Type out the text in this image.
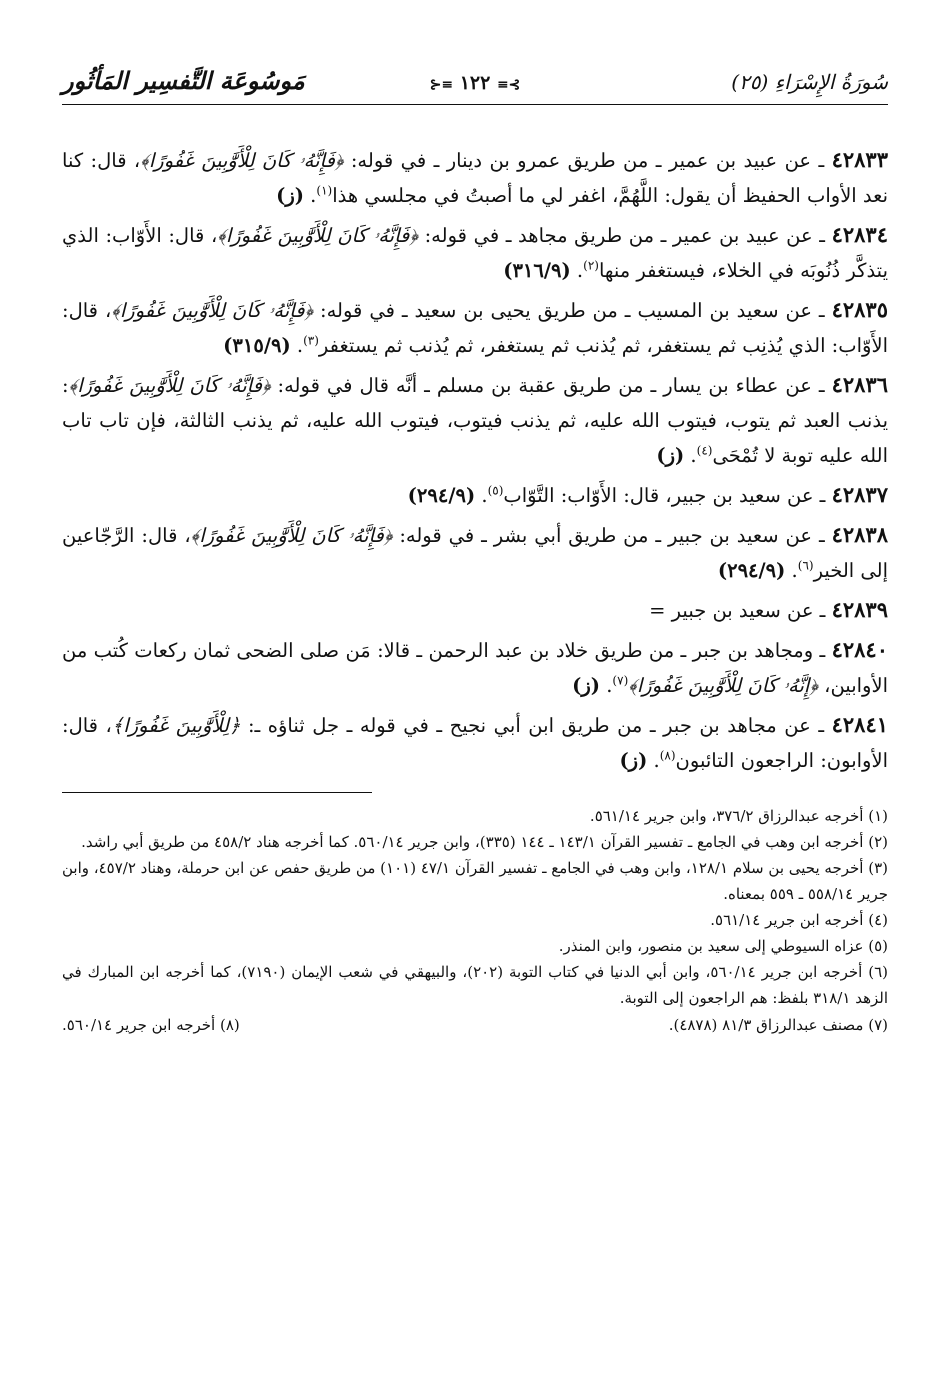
سُورَةُ الإِسْرَاءِ (٢٥)
⊱≡ ١٢٢ ≡⊰
مَوسُوعَة التَّفسِير المَأثُور

٤٢٨٣٣ ـ عن عبيد بن عمير ـ من طريق عمرو بن دينار ـ في قوله: ﴿فَإِنَّهُۥ كَانَ لِلْأَوَّٰبِينَ غَفُورًا﴾، قال: كنا نعد الأواب الحفيظ أن يقول: اللَّهُمَّ، اغفر لي ما أصبتُ في مجلسي هذا$^{(١)}$. (ز)

٤٢٨٣٤ ـ عن عبيد بن عمير ـ من طريق مجاهد ـ في قوله: ﴿فَإِنَّهُۥ كَانَ لِلْأَوَّٰبِينَ غَفُورًا﴾، قال: الأَوّاب: الذي يتذكَّر ذُنُوبَه في الخلاء، فيستغفر منها$^{(٢)}$. (٣١٦/٩)

٤٢٨٣٥ ـ عن سعيد بن المسيب ـ من طريق يحيى بن سعيد ـ في قوله: ﴿فَإِنَّهُۥ كَانَ لِلْأَوَّٰبِينَ غَفُورًا﴾، قال: الأَوّاب: الذي يُذنِب ثم يستغفر، ثم يُذنب ثم يستغفر، ثم يُذنب ثم يستغفر$^{(٣)}$. (٣١٥/٩)

٤٢٨٣٦ ـ عن عطاء بن يسار ـ من طريق عقبة بن مسلم ـ أنَّه قال في قوله: ﴿فَإِنَّهُۥ كَانَ لِلْأَوَّٰبِينَ غَفُورًا﴾: يذنب العبد ثم يتوب، فيتوب الله عليه، ثم يذنب فيتوب، فيتوب الله عليه، ثم يذنب الثالثة، فإن تاب تاب الله عليه توبة لا تُمْحَى$^{(٤)}$. (ز)

٤٢٨٣٧ ـ عن سعيد بن جبير، قال: الأَوّاب: التَّوّاب$^{(٥)}$. (٢٩٤/٩)

٤٢٨٣٨ ـ عن سعيد بن جبير ـ من طريق أبي بشر ـ في قوله: ﴿فَإِنَّهُۥ كَانَ لِلْأَوَّٰبِينَ غَفُورًا﴾، قال: الرَّجّاعين إلى الخير$^{(٦)}$. (٢٩٤/٩)

٤٢٨٣٩ ـ عن سعيد بن جبير =

٤٢٨٤٠ ـ ومجاهد بن جبر ـ من طريق خلاد بن عبد الرحمن ـ قالا: مَن صلى الضحى ثمان ركعات كُتب من الأوابين، ﴿إِنَّهُۥ كَانَ لِلْأَوَّٰبِينَ غَفُورًا﴾$^{(٧)}$. (ز)

٤٢٨٤١ ـ عن مجاهد بن جبر ـ من طريق ابن أبي نجيح ـ في قوله ـ جل ثناؤه ـ: ﴿لِلْأَوَّٰبِينَ غَفُورًا﴾، قال: الأوابون: الراجعون التائبون$^{(٨)}$. (ز)

(١) أخرجه عبدالرزاق ٣٧٦/٢، وابن جرير ٥٦١/١٤.

(٢) أخرجه ابن وهب في الجامع ـ تفسير القرآن ١٤٣/١ ـ ١٤٤ (٣٣٥)، وابن جرير ٥٦٠/١٤. كما أخرجه هناد ٤٥٨/٢ من طريق أبي راشد.

(٣) أخرجه يحيى بن سلام ١٢٨/١، وابن وهب في الجامع ـ تفسير القرآن ٤٧/١ (١٠١) من طريق حفص عن ابن حرملة، وهناد ٤٥٧/٢، وابن جرير ٥٥٨/١٤ ـ ٥٥٩ بمعناه.

(٤) أخرجه ابن جرير ٥٦١/١٤.

(٥) عزاه السيوطي إلى سعيد بن منصور، وابن المنذر.

(٦) أخرجه ابن جرير ٥٦٠/١٤، وابن أبي الدنيا في كتاب التوبة (٢٠٢)، والبيهقي في شعب الإيمان (٧١٩٠)، كما أخرجه ابن المبارك في الزهد ٣١٨/١ بلفظ: هم الراجعون إلى التوبة.

(٧) مصنف عبدالرزاق ٨١/٣ (٤٨٧٨).
(٨) أخرجه ابن جرير ٥٦٠/١٤.
